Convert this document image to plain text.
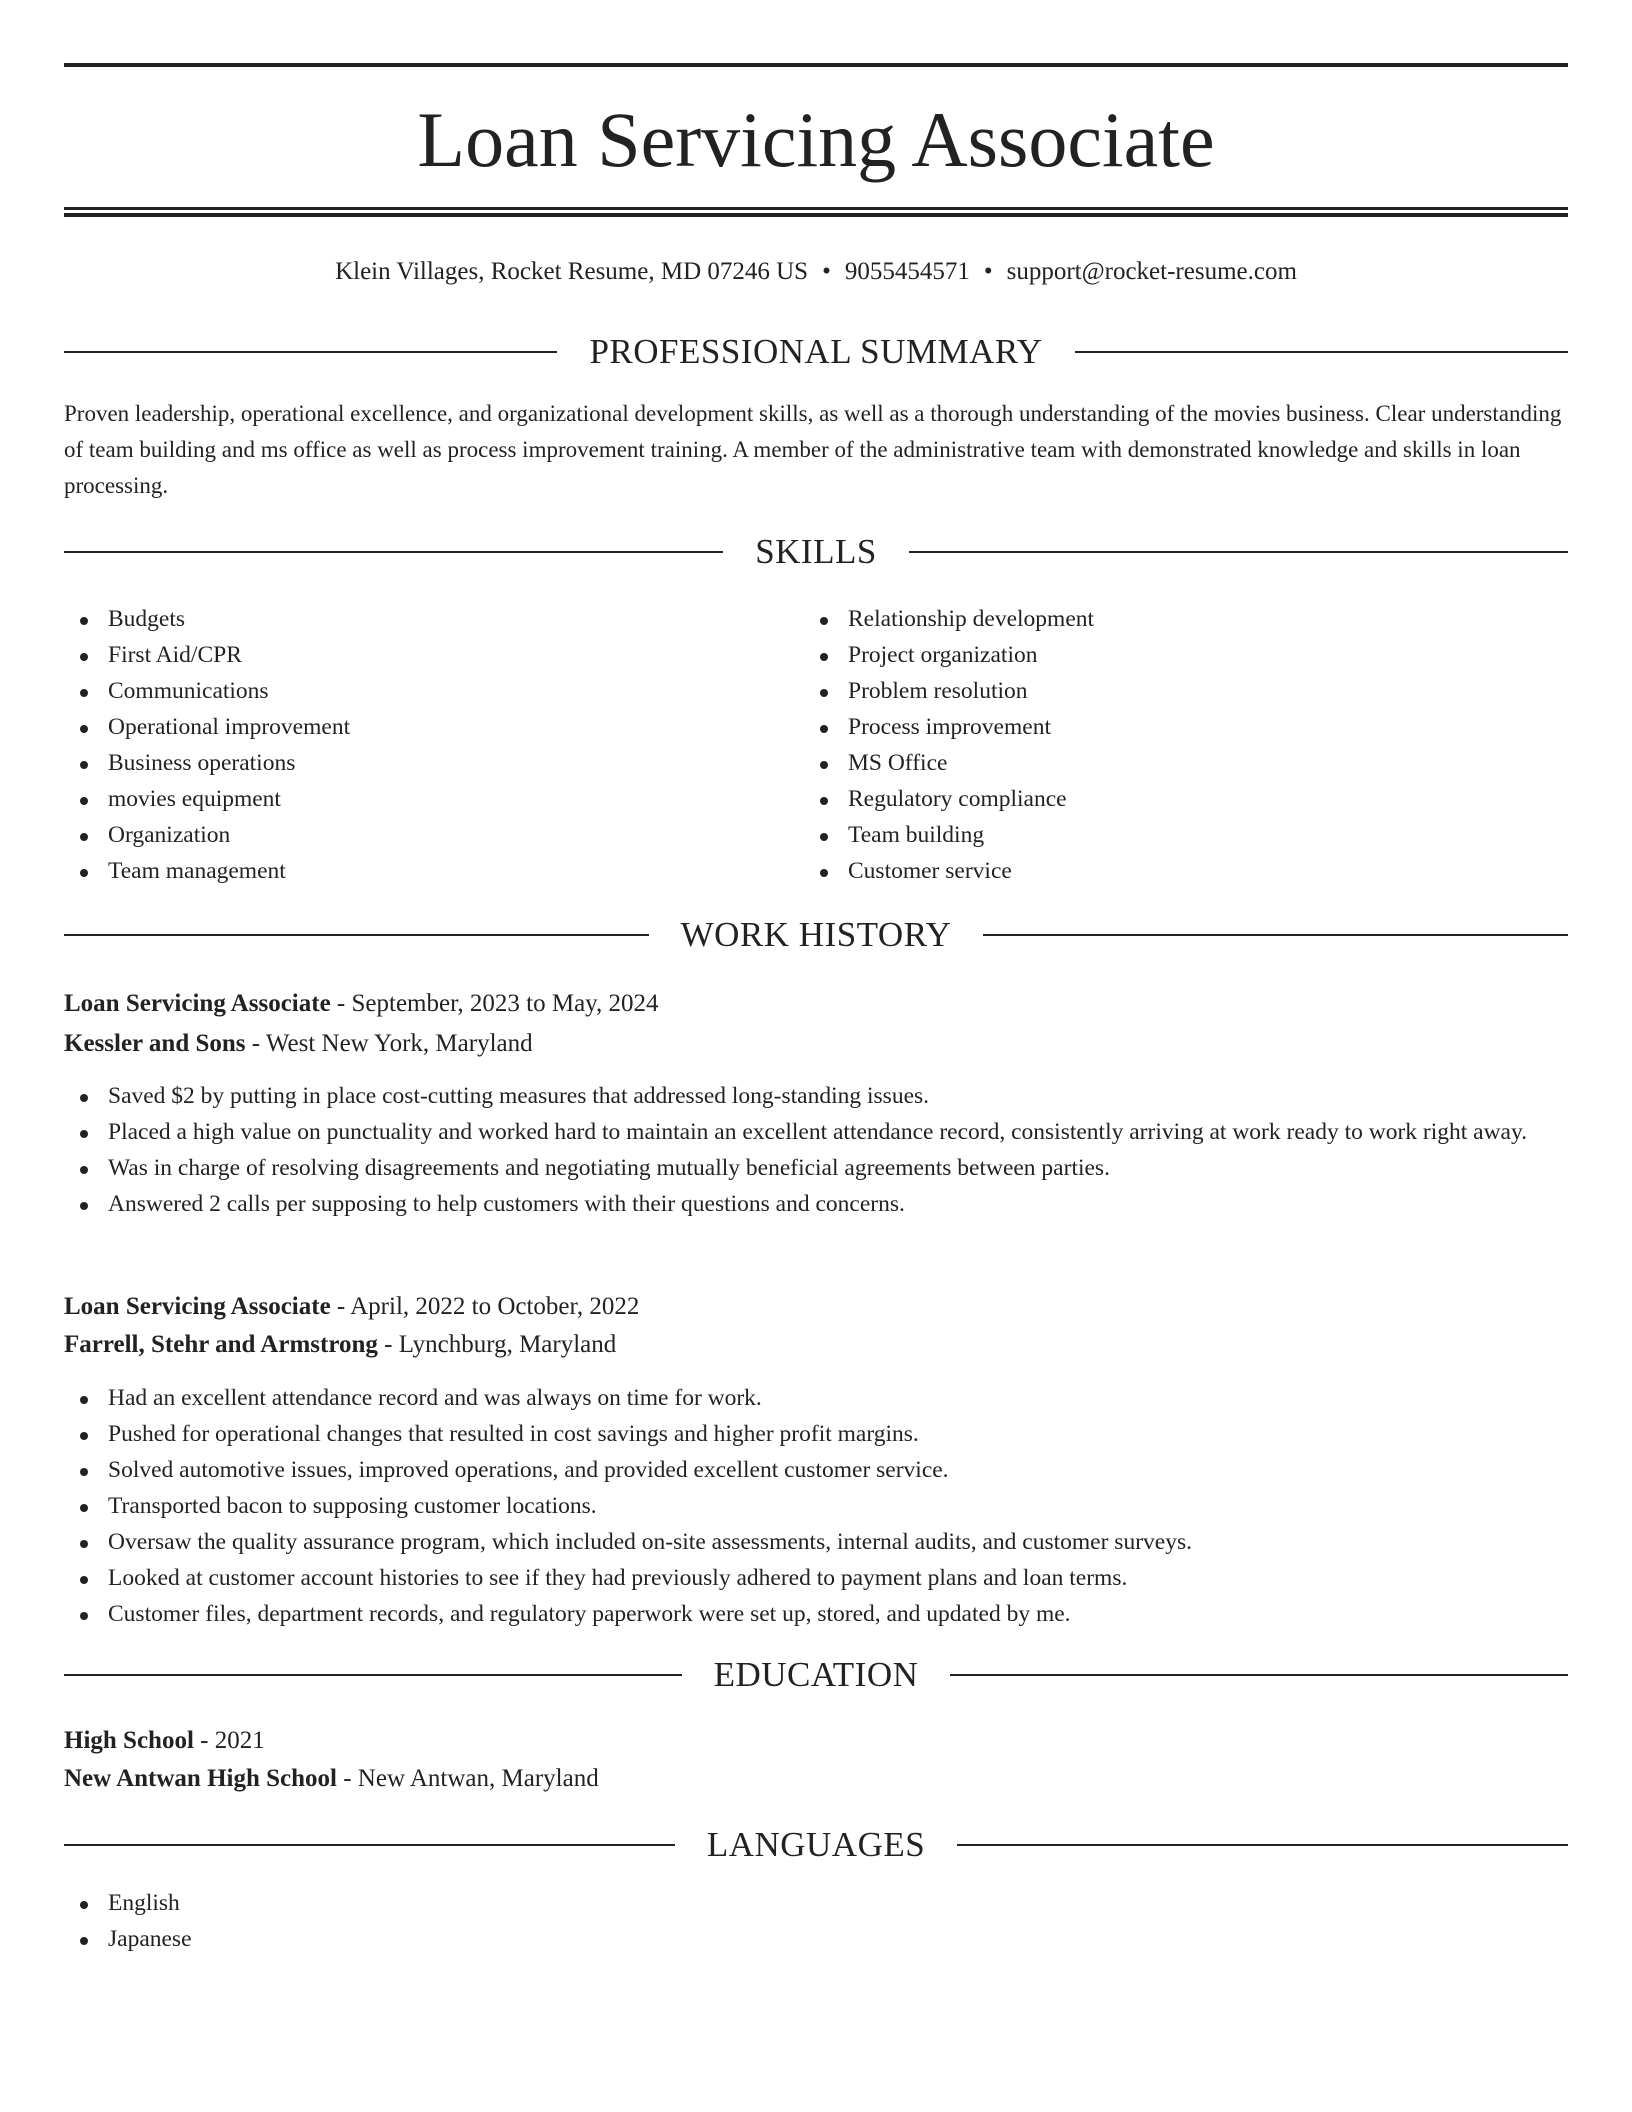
Loan Servicing Associate
Klein Villages, Rocket Resume, MD 07246 US • 9055454571 • support@rocket-resume.com
PROFESSIONAL SUMMARY
Proven leadership, operational excellence, and organizational development skills, as well as a thorough understanding of the movies business. Clear understanding of team building and ms office as well as process improvement training. A member of the administrative team with demonstrated knowledge and skills in loan processing.
SKILLS
Budgets
First Aid/CPR
Communications
Operational improvement
Business operations
movies equipment
Organization
Team management
Relationship development
Project organization
Problem resolution
Process improvement
MS Office
Regulatory compliance
Team building
Customer service
WORK HISTORY
Loan Servicing Associate - September, 2023 to May, 2024
Kessler and Sons - West New York, Maryland
Saved $2 by putting in place cost-cutting measures that addressed long-standing issues.
Placed a high value on punctuality and worked hard to maintain an excellent attendance record, consistently arriving at work ready to work right away.
Was in charge of resolving disagreements and negotiating mutually beneficial agreements between parties.
Answered 2 calls per supposing to help customers with their questions and concerns.
Loan Servicing Associate - April, 2022 to October, 2022
Farrell, Stehr and Armstrong - Lynchburg, Maryland
Had an excellent attendance record and was always on time for work.
Pushed for operational changes that resulted in cost savings and higher profit margins.
Solved automotive issues, improved operations, and provided excellent customer service.
Transported bacon to supposing customer locations.
Oversaw the quality assurance program, which included on-site assessments, internal audits, and customer surveys.
Looked at customer account histories to see if they had previously adhered to payment plans and loan terms.
Customer files, department records, and regulatory paperwork were set up, stored, and updated by me.
EDUCATION
High School - 2021
New Antwan High School - New Antwan, Maryland
LANGUAGES
English
Japanese
